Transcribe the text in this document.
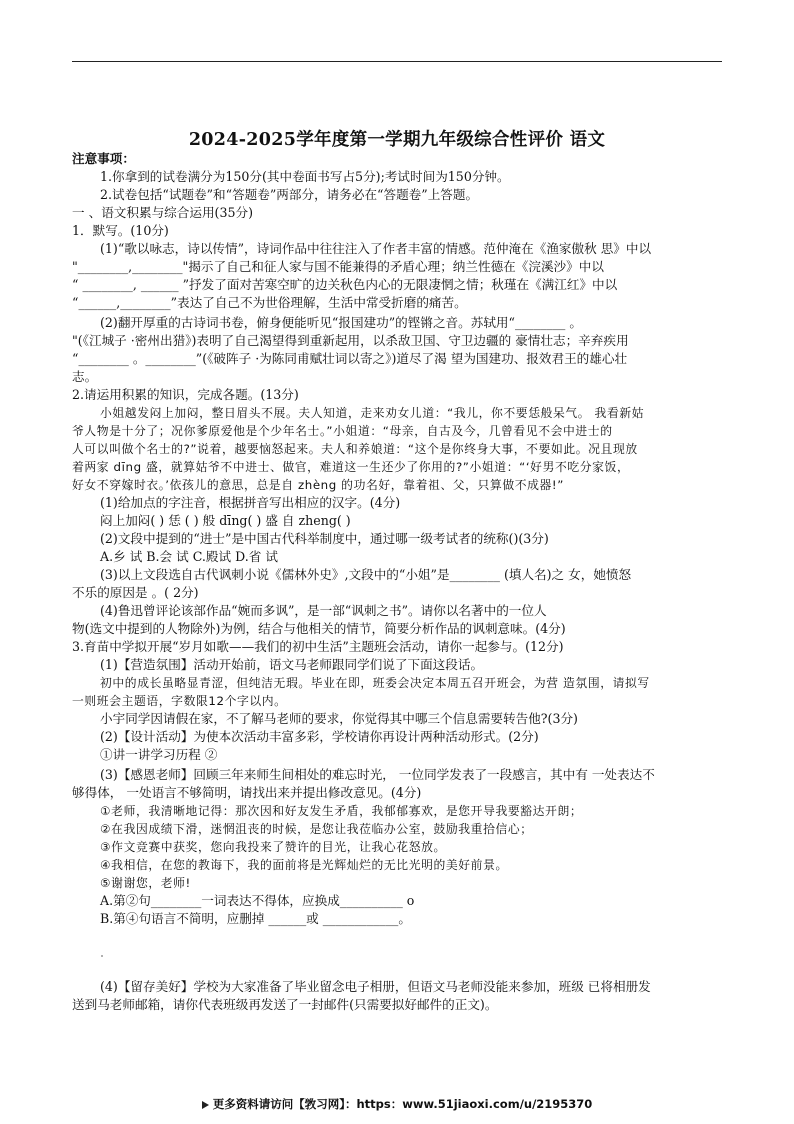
2024-2025学年度第一学期九年级综合性评价 语文
注意事项：
1.你拿到的试卷满分为150分(其中卷面书写占5分);考试时间为150分钟。
2.试卷包括“试题卷”和“答题卷”两部分，请务必在“答题卷”上答题。
一 、语文积累与综合运用(35分)
1．默写。(10分)
(1)“歌以咏志，诗以传情”，诗词作品中往往注入了作者丰富的情感。范仲淹在《渔家傲秋 思》中以
"________,________"揭示了自己和征人家与国不能兼得的矛盾心理；纳兰性德在《浣溪沙》中以
“ ________, ______ ”抒发了面对苦寒空旷的边关秋色内心的无限凄惘之情；秋瑾在《满江红》中以
“______,________”表达了自己不为世俗理解，生活中常受折磨的痛苦。
(2)翻开厚重的古诗词书卷，俯身便能听见“报国建功”的铿锵之音。苏轼用“________ 。
"(《江城子 ·密州出猎》)表明了自己渴望得到重新起用，以杀敌卫国、守卫边疆的 豪情壮志；辛弃疾用
“________ 。________”(《破阵子 ·为陈同甫赋壮词以寄之》)道尽了渴 望为国建功、报效君王的雄心壮
志。
2.请运用积累的知识，完成各题。(13分)
小姐越发闷上加闷，整日眉头不展。夫人知道，走来劝女儿道：“我儿，你不要恁般呆气。 我看新姑
爷人物是十分了；况你爹原爱他是个少年名士。”小姐道：“母亲，自古及今，几曾看见不会中进士的
人可以叫做个名士的?”说着，越要恼怒起来。夫人和养娘道：“这个是你终身大事，不要如此。况且现放
着两家 dīng 盛，就算姑爷不中进士、做官，难道这一生还少了你用的?”小姐道：“‘好男不吃分家饭，
好女不穿嫁时衣。’依孩儿的意思，总是自 zhèng 的功名好，靠着祖、父，只算做不成器!”
(1)给加点的字注音，根据拼音写出相应的汉字。(4分)
闷上加闷( ) 恁 ( ) 般 dīng( ) 盛 自 zheng( )
(2)文段中提到的“进士”是中国古代科举制度中，通过哪一级考试者的统称()(3分)
A.乡 试 B.会 试 C.殿试 D.省 试
(3)以上文段选自古代讽刺小说《儒林外史》,文段中的“小姐”是________ (填人名)之 女，她愤怒
不乐的原因是 。( 2分)
(4)鲁迅曾评论该部作品“婉而多讽”，是一部“讽刺之书”。请你以名著中的一位人
物(选文中提到的人物除外)为例，结合与他相关的情节，简要分析作品的讽刺意味。(4分)
3.育苗中学拟开展“岁月如歌——我们的初中生活”主题班会活动，请你一起参与。(12分)
(1)【营造氛围】活动开始前，语文马老师跟同学们说了下面这段话。
初中的成长虽略显青涩，但纯洁无瑕。毕业在即，班委会决定本周五召开班会，为营 造氛围，请拟写
一则班会主题语，字数限12个字以内。
小宇同学因请假在家，不了解马老师的要求，你觉得其中哪三个信息需要转告他?(3分)
(2)【设计活动】为使本次活动丰富多彩，学校请你再设计两种活动形式。(2分)
①讲一讲学习历程 ②
(3)【感恩老师】回顾三年来师生间相处的难忘时光， 一位同学发表了一段感言，其中有 一处表达不
够得体， 一处语言不够简明，请找出来并提出修改意见。(4分)
①老师，我清晰地记得：那次因和好友发生矛盾，我郁郁寡欢，是您开导我要豁达开朗；
②在我因成绩下滑，迷惘沮丧的时候，是您让我莅临办公室，鼓励我重拾信心；
③作文竞赛中获奖，您向我投来了赞许的目光，让我心花怒放。
④我相信，在您的教诲下，我的面前将是光辉灿烂的无比光明的美好前景。
⑤谢谢您，老师!
A.第②句________一词表达不得体，应换成__________ o
B.第④句语言不简明，应删掉 ______或 ____________。
(4)【留存美好】学校为大家准备了毕业留念电子相册，但语文马老师没能来参加，班级 已将相册发
送到马老师邮箱，请你代表班级再发送了一封邮件(只需要拟好邮件的正文)。
更多资料请访问【敩习网】：https：www.51jiaoxi.com/u/2195370
